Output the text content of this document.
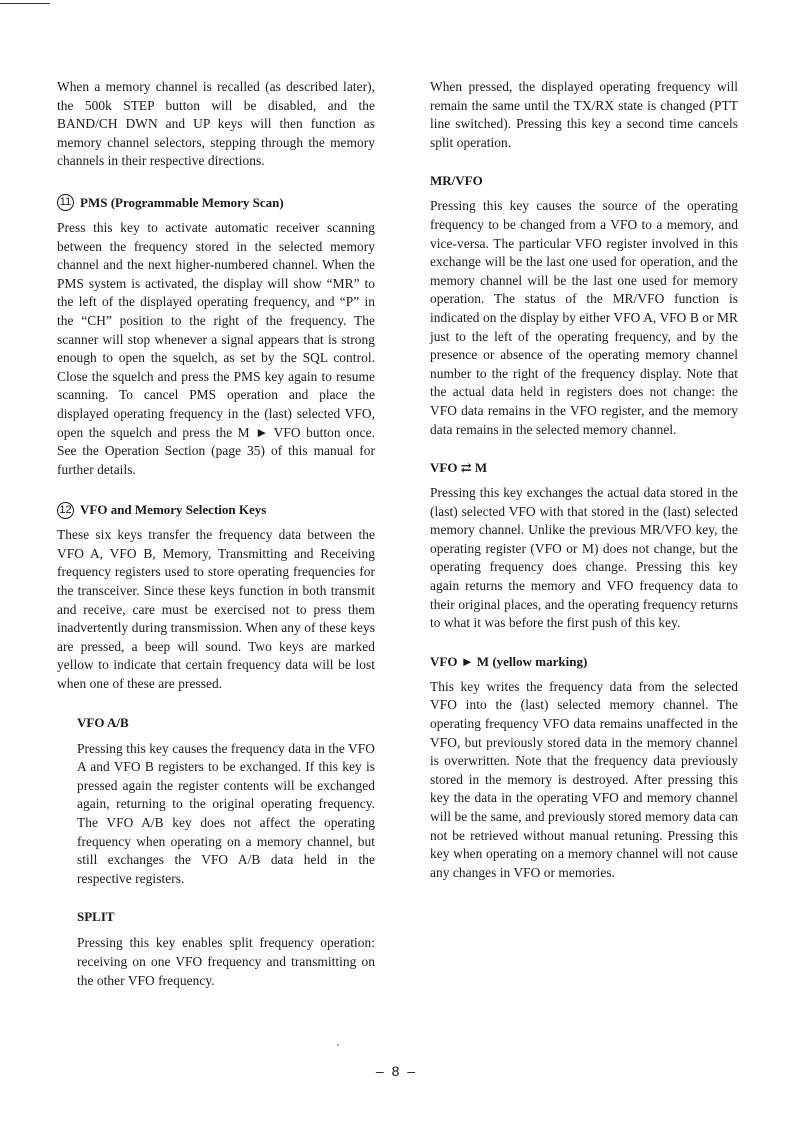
When a memory channel is recalled (as described later), the 500k STEP button will be disabled, and the BAND/CH DWN and UP keys will then function as memory channel selectors, stepping through the memory channels in their respective directions.

11 PMS (Programmable Memory Scan)

Press this key to activate automatic receiver scanning between the frequency stored in the selected memory channel and the next higher-numbered channel. When the PMS system is activated, the display will show “MR” to the left of the displayed operating frequency, and “P” in the “CH” position to the right of the frequency. The scanner will stop whenever a signal appears that is strong enough to open the squelch, as set by the SQL control. Close the squelch and press the PMS key again to resume scanning. To cancel PMS operation and place the displayed operating frequency in the (last) selected VFO, open the squelch and press the M ► VFO button once. See the Operation Section (page 35) of this manual for further details.

12 VFO and Memory Selection Keys

These six keys transfer the frequency data between the VFO A, VFO B, Memory, Transmitting and Receiving frequency registers used to store operating frequencies for the transceiver. Since these keys function in both transmit and receive, care must be exercised not to press them inadvertently during transmission. When any of these keys are pressed, a beep will sound. Two keys are marked yellow to indicate that certain frequency data will be lost when one of these are pressed.

VFO A/B

Pressing this key causes the frequency data in the VFO A and VFO B registers to be exchanged. If this key is pressed again the register contents will be exchanged again, returning to the original operating frequency. The VFO A/B key does not affect the operating frequency when operating on a memory channel, but still exchanges the VFO A/B data held in the respective registers.

SPLIT

Pressing this key enables split frequency operation: receiving on one VFO frequency and transmitting on the other VFO frequency.

When pressed, the displayed operating frequency will remain the same until the TX/RX state is changed (PTT line switched). Pressing this key a second time cancels split operation.

MR/VFO

Pressing this key causes the source of the operating frequency to be changed from a VFO to a memory, and vice-versa. The particular VFO register involved in this exchange will be the last one used for operation, and the memory channel will be the last one used for memory operation. The status of the MR/VFO function is indicated on the display by either VFO A, VFO B or MR just to the left of the operating frequency, and by the presence or absence of the operating memory channel number to the right of the frequency display. Note that the actual data held in registers does not change: the VFO data remains in the VFO register, and the memory data remains in the selected memory channel.

VFO ⇄ M

Pressing this key exchanges the actual data stored in the (last) selected VFO with that stored in the (last) selected memory channel. Unlike the previous MR/VFO key, the operating register (VFO or M) does not change, but the operating frequency does change. Pressing this key again returns the memory and VFO frequency data to their original places, and the operating frequency returns to what it was before the first push of this key.

VFO ► M (yellow marking)

This key writes the frequency data from the selected VFO into the (last) selected memory channel. The operating frequency VFO data remains unaffected in the VFO, but previously stored data in the memory channel is overwritten. Note that the frequency data previously stored in the memory is destroyed. After pressing this key the data in the operating VFO and memory channel will be the same, and previously stored memory data can not be retrieved without manual retuning. Pressing this key when operating on a memory channel will not cause any changes in VFO or memories.

– 8 –
